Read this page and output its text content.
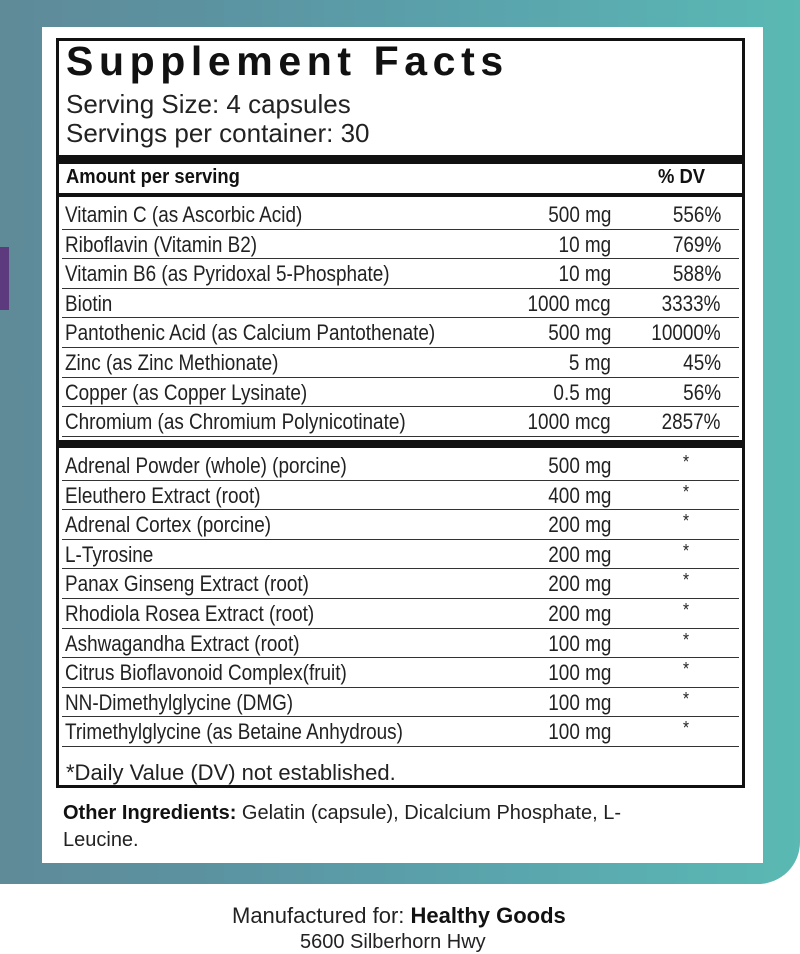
Supplement Facts
Serving Size: 4 capsules
Servings per container: 30
Amount per serving	% DV
Vitamin C (as Ascorbic Acid)	500 mg	556%
Riboflavin (Vitamin B2)	10 mg	769%
Vitamin B6 (as Pyridoxal 5-Phosphate)	10 mg	588%
Biotin	1000 mcg 3333%
Pantothenic Acid (as Calcium Pantothenate)	500 mg 10000%
Zinc (as Zinc Methionate)	5 mg	45%
Copper (as Copper Lysinate)	0.5 mg	56%
Chromium (as Chromium Polynicotinate)	1000 mcg 2857%
Adrenal Powder (whole) (porcine)	500 mg	*
Eleuthero Extract (root)	400 mg	*
Adrenal Cortex (porcine)	200 mg	*
L-Tyrosine	200 mg	*
Panax Ginseng Extract (root)	200 mg	*
Rhodiola Rosea Extract (root)	200 mg	*
Ashwagandha Extract (root)	100 mg	*
Citrus Bioflavonoid Complex(fruit)	100 mg	*
NN-Dimethylglycine (DMG)	100 mg	*
Trimethylglycine (as Betaine Anhydrous)	100 mg	*
*Daily Value (DV) not established.
Other Ingredients: Gelatin (capsule), Dicalcium Phosphate, L-Leucine.
Manufactured for: Healthy Goods
5600 Silberhorn Hwy
